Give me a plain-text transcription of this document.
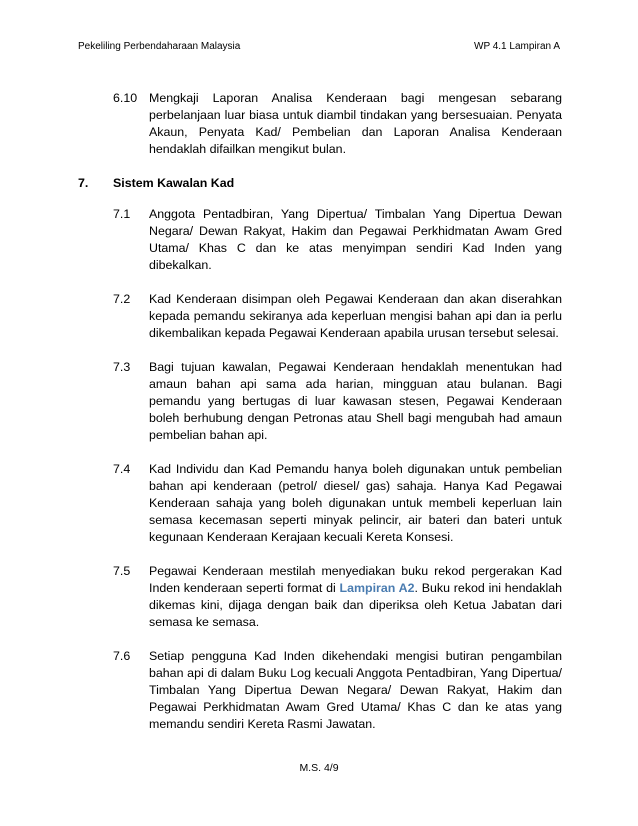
Pekeliling Perbendaharaan Malaysia	WP 4.1 Lampiran A
6.10 Mengkaji Laporan Analisa Kenderaan bagi mengesan sebarang perbelanjaan luar biasa untuk diambil tindakan yang bersesuaian. Penyata Akaun, Penyata Kad/ Pembelian dan Laporan Analisa Kenderaan hendaklah difailkan mengikut bulan.
7. Sistem Kawalan Kad
7.1 Anggota Pentadbiran, Yang Dipertua/ Timbalan Yang Dipertua Dewan Negara/ Dewan Rakyat, Hakim dan Pegawai Perkhidmatan Awam Gred Utama/ Khas C dan ke atas menyimpan sendiri Kad Inden yang dibekalkan.
7.2 Kad Kenderaan disimpan oleh Pegawai Kenderaan dan akan diserahkan kepada pemandu sekiranya ada keperluan mengisi bahan api dan ia perlu dikembalikan kepada Pegawai Kenderaan apabila urusan tersebut selesai.
7.3 Bagi tujuan kawalan, Pegawai Kenderaan hendaklah menentukan had amaun bahan api sama ada harian, mingguan atau bulanan. Bagi pemandu yang bertugas di luar kawasan stesen, Pegawai Kenderaan boleh berhubung dengan Petronas atau Shell bagi mengubah had amaun pembelian bahan api.
7.4 Kad Individu dan Kad Pemandu hanya boleh digunakan untuk pembelian bahan api kenderaan (petrol/ diesel/ gas) sahaja. Hanya Kad Pegawai Kenderaan sahaja yang boleh digunakan untuk membeli keperluan lain semasa kecemasan seperti minyak pelincir, air bateri dan bateri untuk kegunaan Kenderaan Kerajaan kecuali Kereta Konsesi.
7.5 Pegawai Kenderaan mestilah menyediakan buku rekod pergerakan Kad Inden kenderaan seperti format di Lampiran A2. Buku rekod ini hendaklah dikemas kini, dijaga dengan baik dan diperiksa oleh Ketua Jabatan dari semasa ke semasa.
7.6 Setiap pengguna Kad Inden dikehendaki mengisi butiran pengambilan bahan api di dalam Buku Log kecuali Anggota Pentadbiran, Yang Dipertua/ Timbalan Yang Dipertua Dewan Negara/ Dewan Rakyat, Hakim dan Pegawai Perkhidmatan Awam Gred Utama/ Khas C dan ke atas yang memandu sendiri Kereta Rasmi Jawatan.
M.S. 4/9
